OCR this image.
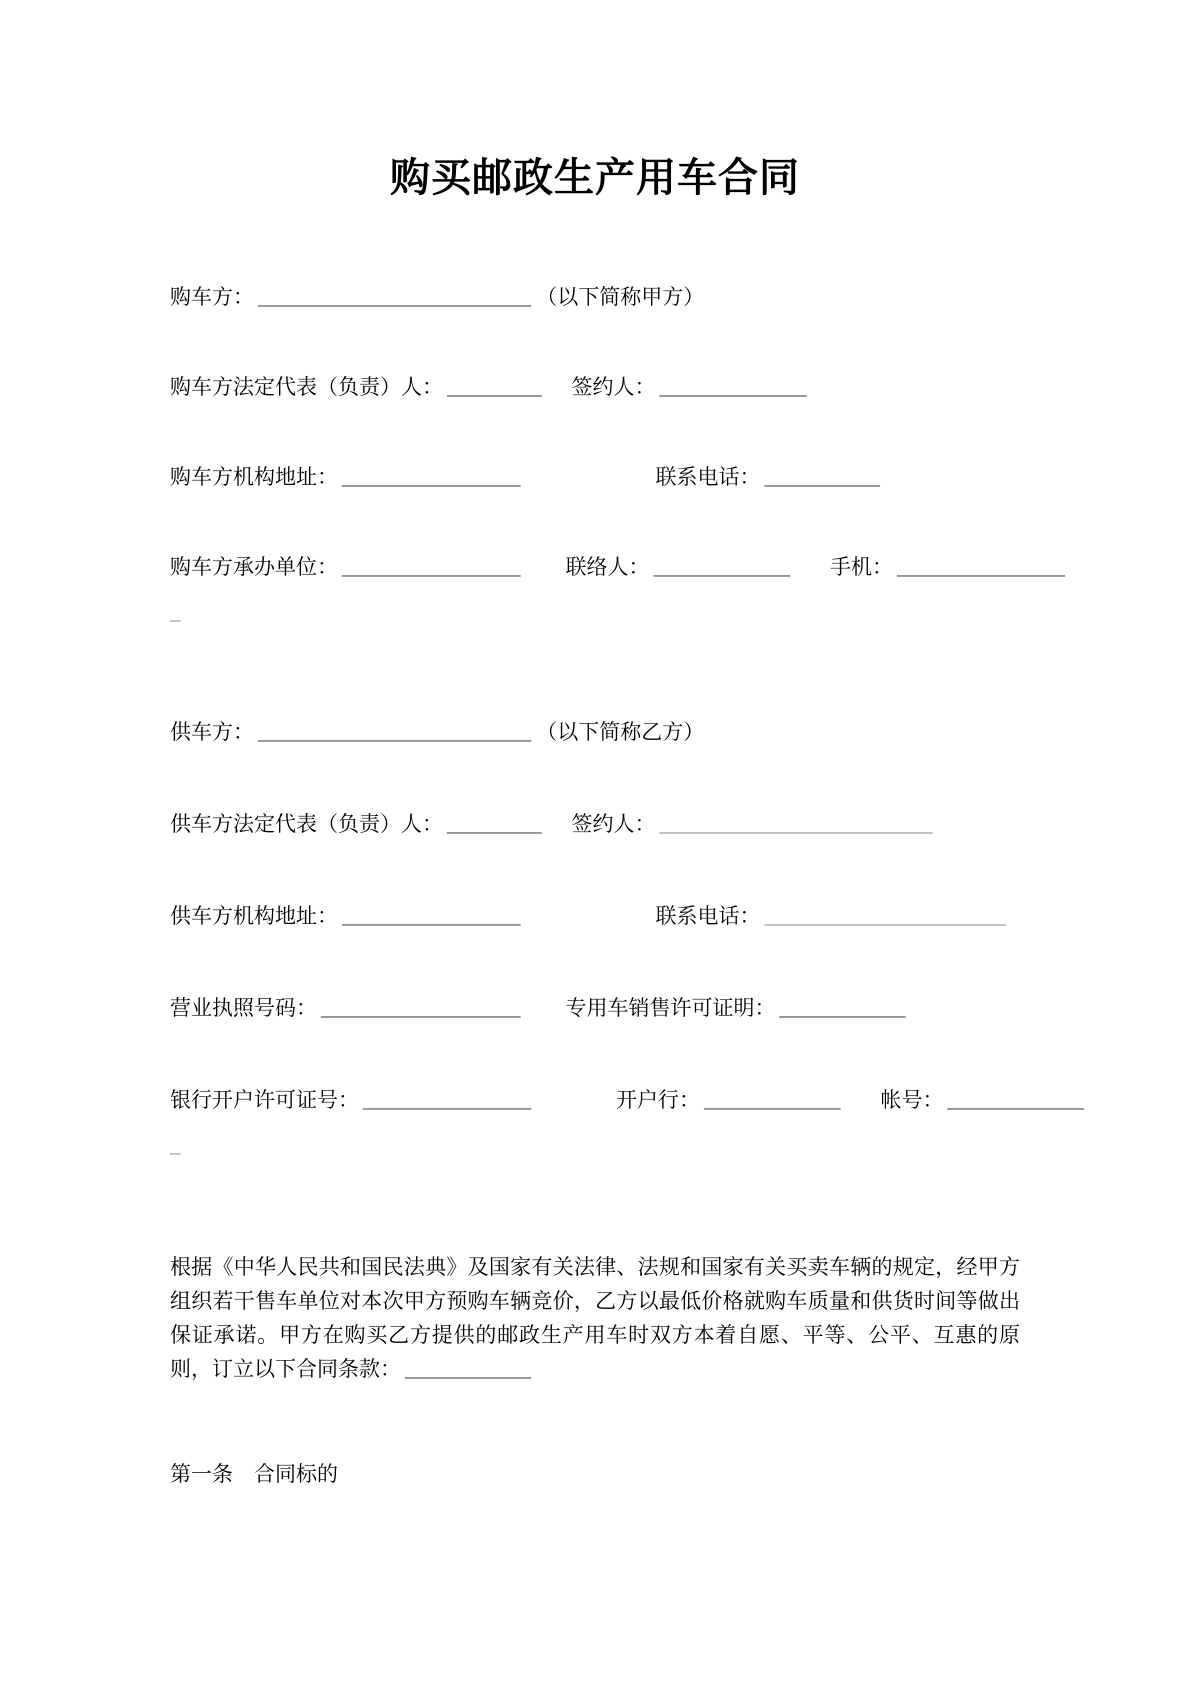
购买邮政生产用车合同

购车方： __________________________ （以下简称甲方）

购车方法定代表（负责）人： _________ 签约人： ______________

购车方机构地址： _________________	联系电话： ___________

购车方承办单位： _________________ 联络人： _____________ 手机： ________________

_

供车方： __________________________ （以下简称乙方）

供车方法定代表（负责）人： _________ 签约人： __________________________

供车方机构地址： _________________	联系电话： _______________________

营业执照号码： ___________________ 专用车销售许可证明： ____________

银行开户许可证号： ________________	开户行： _____________ 帐号： _____________

_

根据《中华人民共和国民法典》及国家有关法律、法规和国家有关买卖车辆的规定，经甲方组织若干售车单位对本次甲方预购车辆竞价，乙方以最低价格就购车质量和供货时间等做出保证承诺。甲方在购买乙方提供的邮政生产用车时双方本着自愿、平等、公平、互惠的原则，订立以下合同条款： ____________

第一条　合同标的
